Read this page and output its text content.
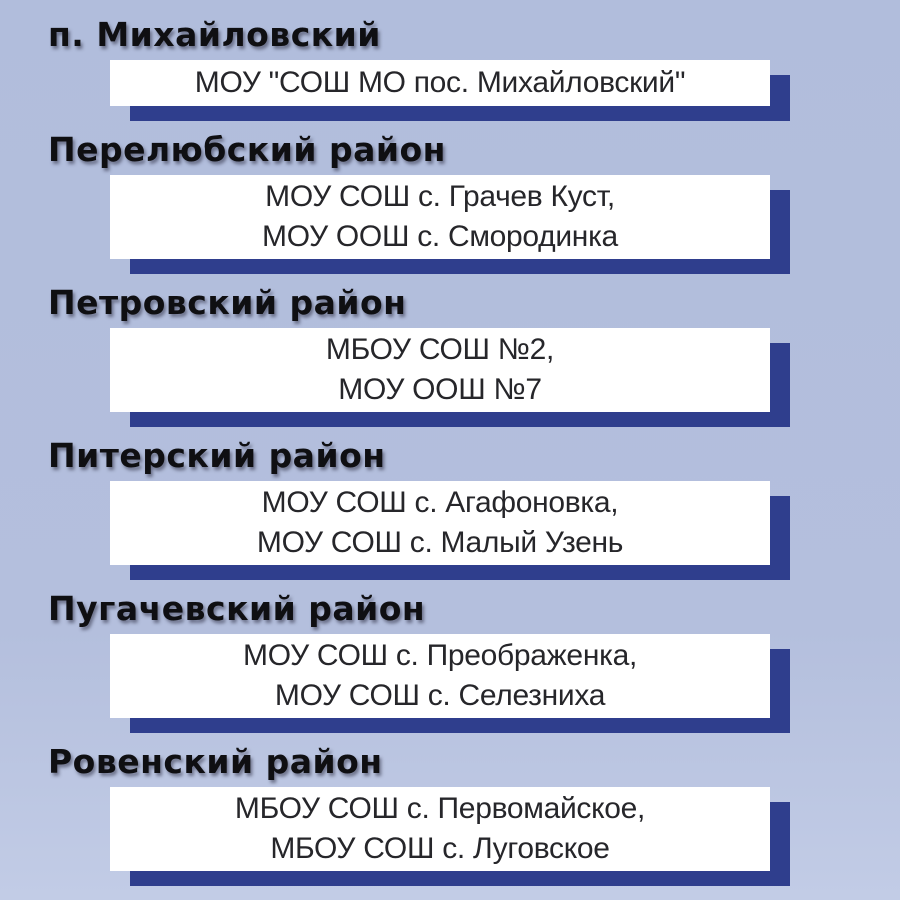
п. Михайловский
МОУ "СОШ МО пос. Михайловский"
Перелюбский район
МОУ СОШ с. Грачев Куст,
МОУ ООШ с. Смородинка
Петровский район
МБОУ СОШ №2,
МОУ ООШ №7
Питерский район
МОУ СОШ с. Агафоновка,
МОУ СОШ с. Малый Узень
Пугачевский район
МОУ СОШ с. Преображенка,
МОУ СОШ с. Селезниха
Ровенский район
МБОУ СОШ с. Первомайское,
МБОУ СОШ с. Луговское
